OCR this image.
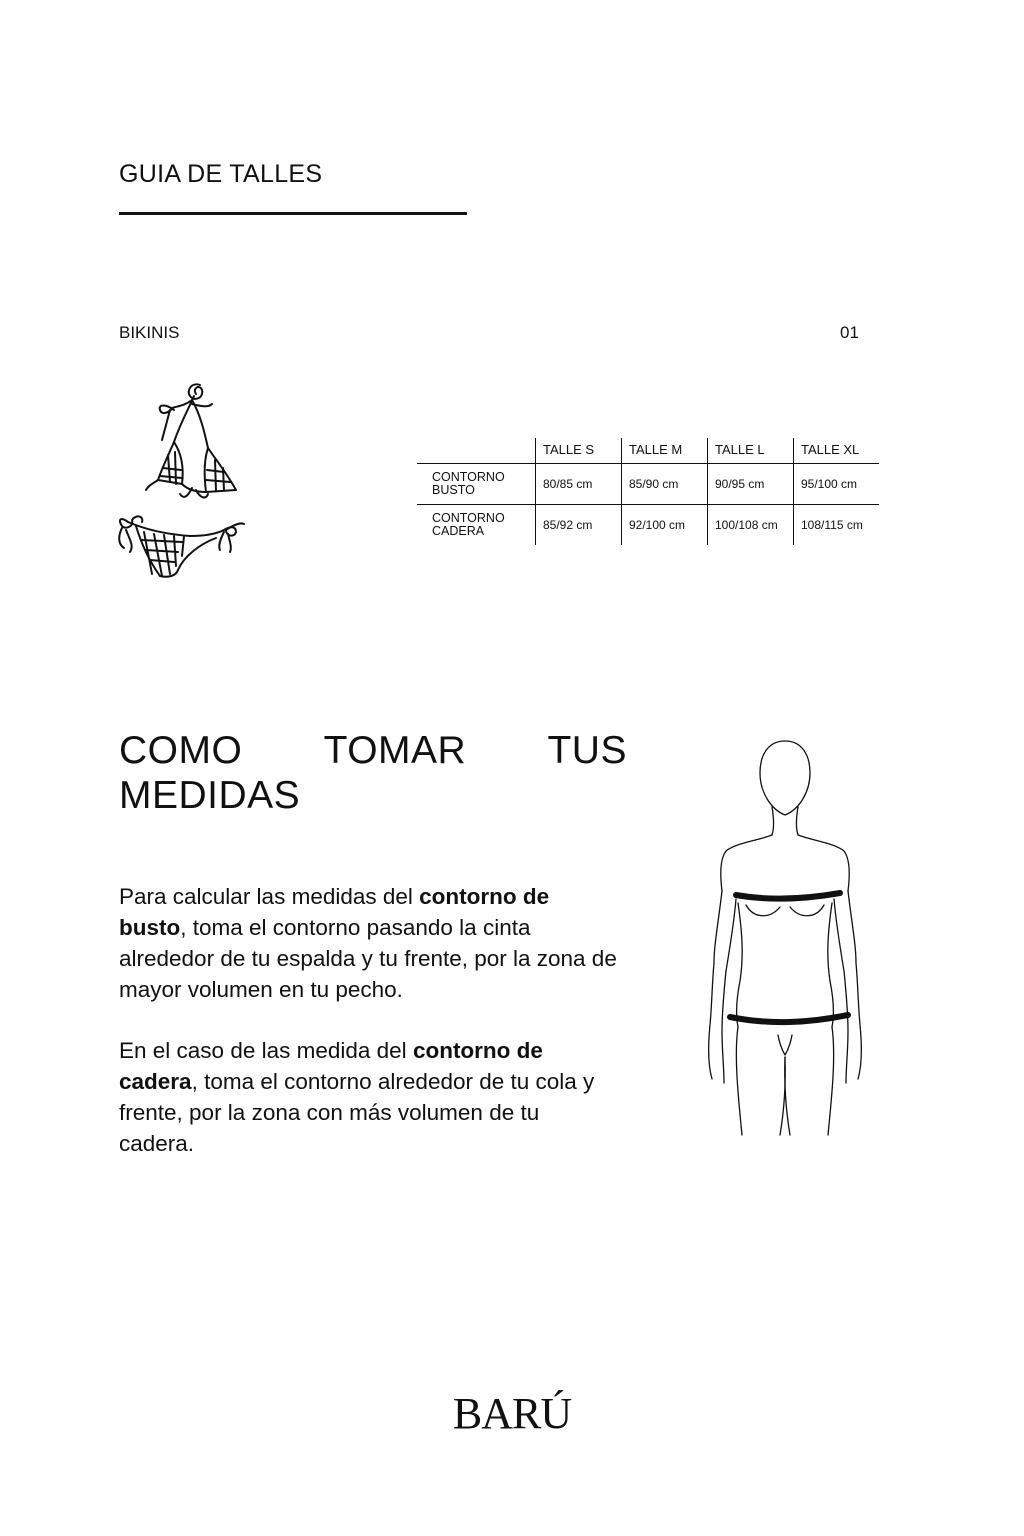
GUIA DE TALLES
BIKINIS	01
	TALLE S	TALLE M	TALLE L	TALLE XL
CONTORNO
BUSTO	80/85 cm	85/90 cm	90/95 cm	95/100 cm
CONTORNO
CADERA	85/92 cm	92/100 cm	100/108 cm	108/115 cm
COMO TOMAR TUS
MEDIDAS

Para calcular las medidas del contorno de busto, toma el contorno pasando la cinta alrededor de tu espalda y tu frente, por la zona de mayor volumen en tu pecho.

En el caso de las medida del contorno de cadera, toma el contorno alrededor de tu cola y frente, por la zona con más volumen de tu cadera.

BARÚ
